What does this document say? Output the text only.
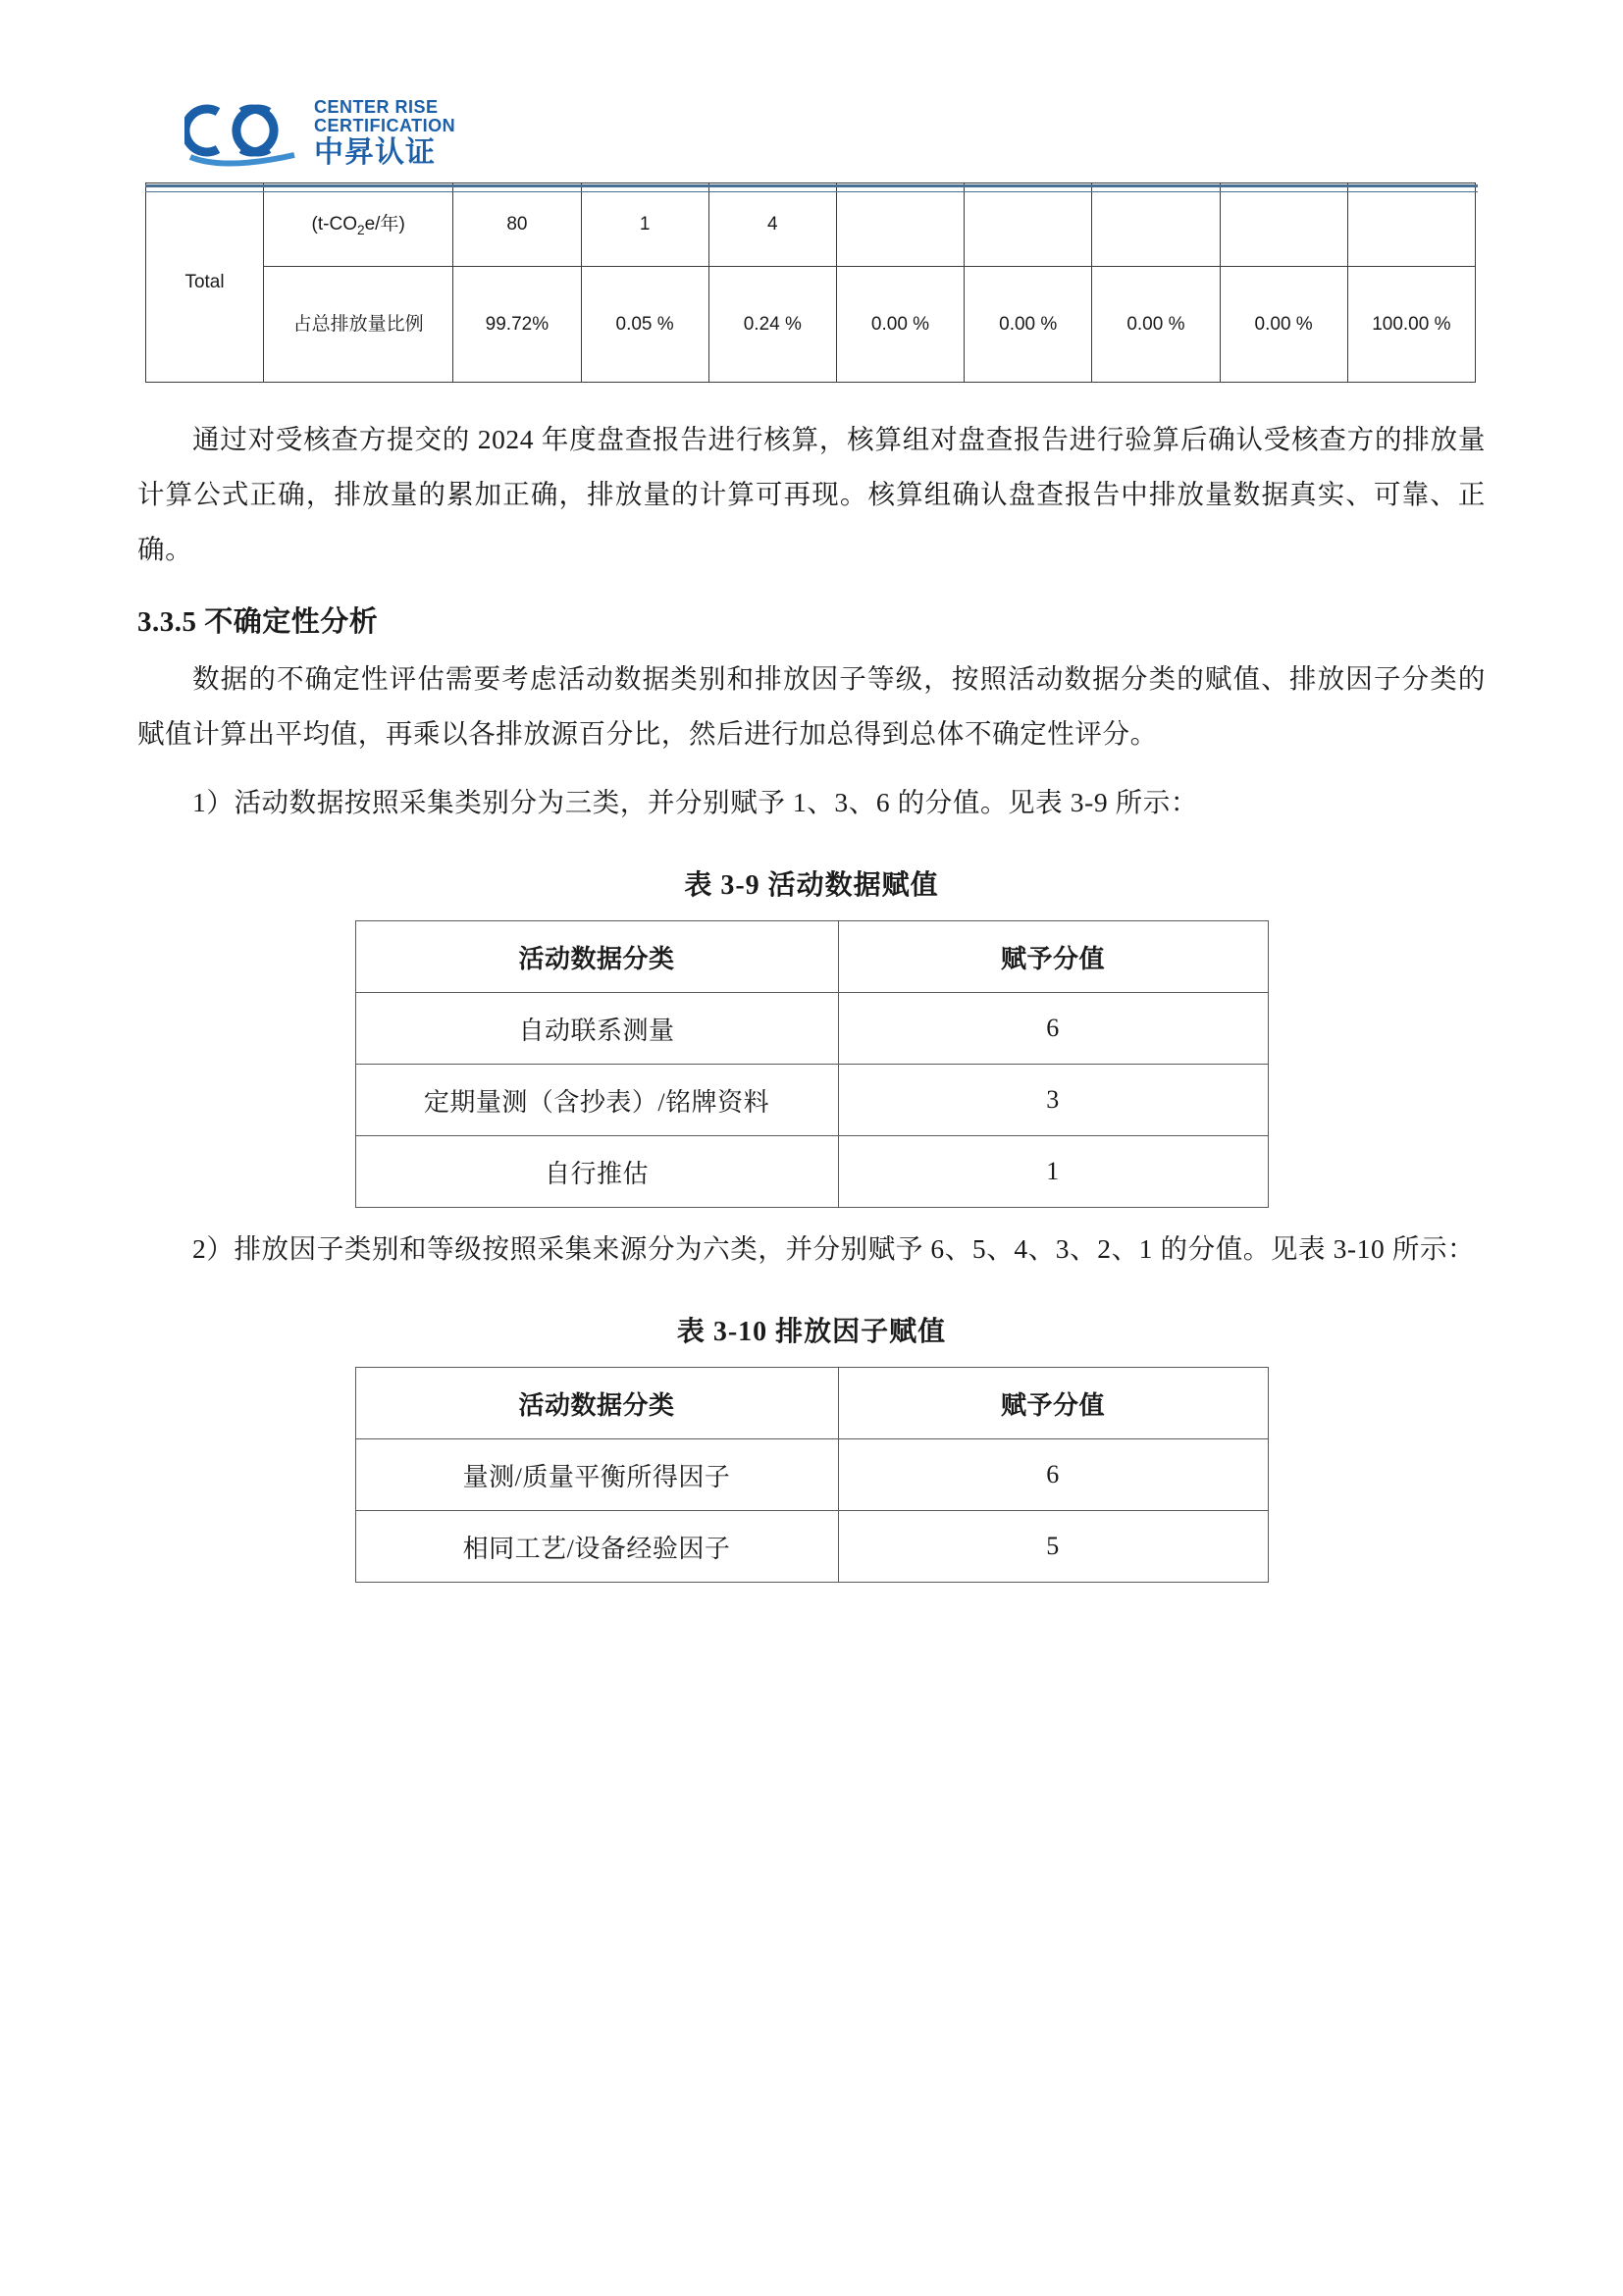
CENTER RISE
CERTIFICATION
中昇认证
Total	($t-CO_2e/$年)	80	1	4					
	占总排放量比例	99.72%	0.05 %	0.24 %	0.00 %	0.00 %	0.00 %	0.00 %	100.00 %

通过对受核查方提交的 2024 年度盘查报告进行核算，核算组对盘查报告进行验算后确认受核查方的排放量计算公式正确，排放量的累加正确，排放量的计算可再现。核算组确认盘查报告中排放量数据真实、可靠、正确。

3.3.5 不确定性分析

数据的不确定性评估需要考虑活动数据类别和排放因子等级，按照活动数据分类的赋值、排放因子分类的赋值计算出平均值，再乘以各排放源百分比，然后进行加总得到总体不确定性评分。

1）活动数据按照采集类别分为三类，并分别赋予 1、3、6 的分值。见表 3-9 所示：

表 3-9 活动数据赋值
活动数据分类	赋予分值
自动联系测量	6
定期量测（含抄表）/铭牌资料	3
自行推估	1

2）排放因子类别和等级按照采集来源分为六类，并分别赋予 6、5、4、3、2、1 的分值。见表 3-10 所示：

表 3-10 排放因子赋值
活动数据分类	赋予分值
量测/质量平衡所得因子	6
相同工艺/设备经验因子	5
